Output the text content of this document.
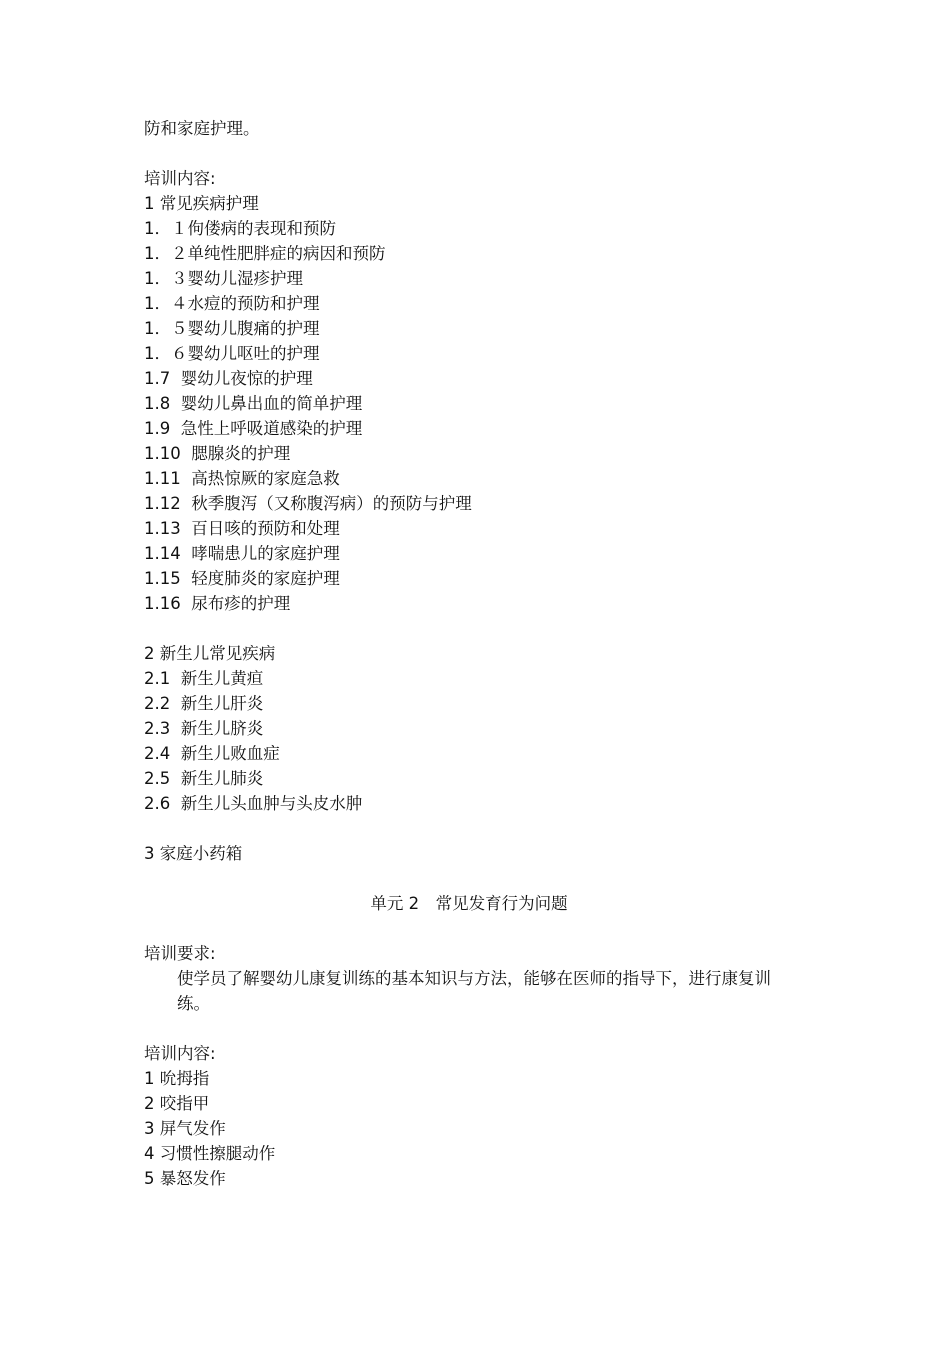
防和家庭护理。
培训内容:
1 常见疾病护理
1．１佝偻病的表现和预防
1．２单纯性肥胖症的病因和预防
1．３婴幼儿湿疹护理
1．４水痘的预防和护理
1．５婴幼儿腹痛的护理
1．６婴幼儿呕吐的护理
1.7  婴幼儿夜惊的护理
1.8  婴幼儿鼻出血的简单护理
1.9  急性上呼吸道感染的护理
1.10  腮腺炎的护理
1.11  高热惊厥的家庭急救
1.12  秋季腹泻（又称腹泻病）的预防与护理
1.13  百日咳的预防和处理
1.14  哮喘患儿的家庭护理
1.15  轻度肺炎的家庭护理
1.16  尿布疹的护理
2 新生儿常见疾病
2.1  新生儿黄疸
2.2  新生儿肝炎
2.3  新生儿脐炎
2.4  新生儿败血症
2.5  新生儿肺炎
2.6  新生儿头血肿与头皮水肿
3 家庭小药箱
单元 2　常见发育行为问题
培训要求:
使学员了解婴幼儿康复训练的基本知识与方法，能够在医师的指导下，进行康复训练。
培训内容:
1 吮拇指
2 咬指甲
3 屏气发作
4 习惯性擦腿动作
5 暴怒发作
